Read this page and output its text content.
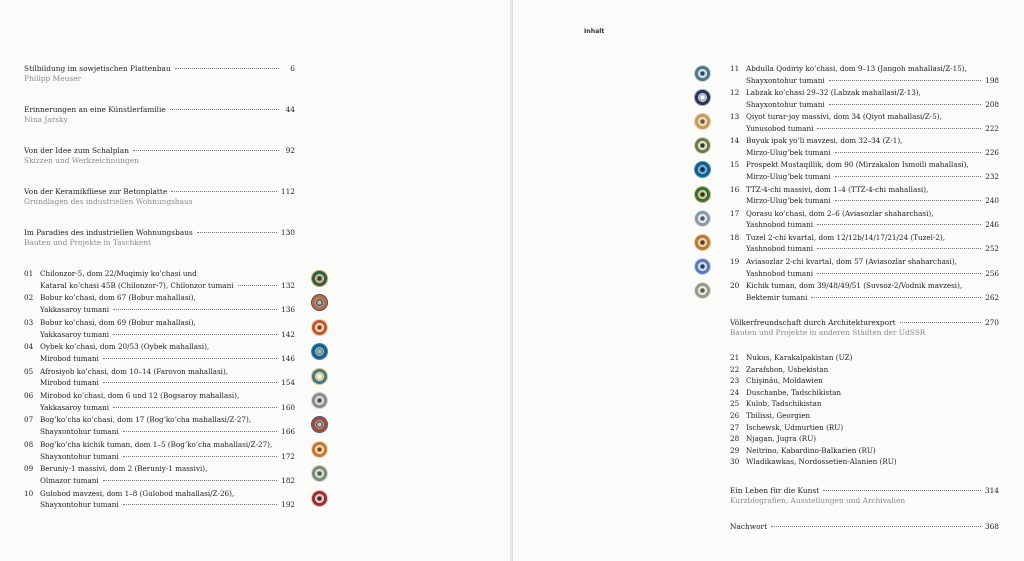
Inhalt
Stilbildung im sowjetischen Plattenbau	6
Philipp Meuser
Erinnerungen an eine Künstlerfamilie	44
Nina Jarsky
Von der Idee zum Schalplan	92
Skizzen und Werkzeichnungen
Von der Keramikfliese zur Betonplatte	112
Grundlagen des industriellen Wohnungsbaus
Im Paradies des industriellen Wohnungsbaus	130
Bauten und Projekte in Taschkent
01 Chilonzor-5, dom 22/Muqimiy ko’chasi und
Kataral ko’chasi 45B (Chilonzor-7), Chilonzor tumani	132
02 Bobur ko’chasi, dom 67 (Bobur mahallasi),
Yakkasaroy tumani	136
03 Bobur ko’chasi, dom 69 (Bobur mahallasi),
Yakkasaroy tumani	142
04 Oybek ko’chasi, dom 20/53 (Oybek mahallasi),
Mirobod tumani	146
05 Afrosiyob ko’chasi, dom 10–14 (Farovon mahallasi),
Mirobod tumani	154
06 Mirobod ko’chasi, dom 6 und 12 (Bogsaroy mahallasi),
Yakkasaroy tumani	160
07 Bog’ko’cha ko’chasi, dom 17 (Bog’ko’cha mahallasi/Z-27),
Shayxontohur tumani	166
08 Bog’ko’cha kichik tuman, dom 1–5 (Bog’ko’cha mahallasi/Z-27),
Shayxontohur tumani	172
09 Beruniy-1 massivi, dom 2 (Beruniy-1 massivi),
Olmazor tumani	182
10 Gulobod mavzesi, dom 1–8 (Gulobod mahallasi/Z-26),
Shayxontohur tumani	192
11 Abdulla Qodiriy ko’chasi, dom 9–13 (Jangoh mahallasi/Z-15),
Shayxontohur tumani	198
12 Labzak ko’chasi 29–32 (Labzak mahallasi/Z-13),
Shayxontohur tumani	208
13 Qiyot turar-joy massivi, dom 34 (Qiyot mahallasi/Z-5),
Yunusobod tumani	222
14 Buyuk ipak yo’li mavzesi, dom 32–34 (Z-1),
Mirzo-Ulug’bek tumani	226
15 Prospekt Mustaqillik, dom 90 (Mirzakalon Ismoili mahallasi),
Mirzo-Ulug’bek tumani	232
16 TTZ-4-chi massivi, dom 1–4 (TTZ-4-chi mahallasi),
Mirzo-Ulug’bek tumani	240
17 Qorasu ko’chasi, dom 2–6 (Aviasozlar shaharchasi),
Yashnobod tumani	246
18 Tuzel 2-chi kvartal, dom 12/12b/14/17/21/24 (Tuzel-2),
Yashnobod tumani	252
19 Aviasozlar 2-chi kvartal, dom 57 (Aviasozlar shaharchasi),
Yashnobod tumani	256
20 Kichik tuman, dom 39/48/49/51 (Suvsoz-2/Vodnik mavzesi),
Bektemir tumani	262
Völkerfreundschaft durch Architekturexport	270
Bauten und Projekte in anderen Städten der UdSSR
21 Nukus, Karakalpakistan (UZ)
22 Zarafshon, Usbekistan
23 Chişinău, Moldawien
24 Duschanbe, Tadschikistan
25 Kulob, Tadschikistan
26 Tbilissi, Georgien
27 Ischewsk, Udmurtien (RU)
28 Njagan, Jugra (RU)
29 Neitrino, Kabardino-Balkarien (RU)
30 Wladikawkas, Nordossetien-Alanien (RU)
Ein Leben für die Kunst	314
Kurzbiografien, Ausstellungen und Archivalien
Nachwort	368
